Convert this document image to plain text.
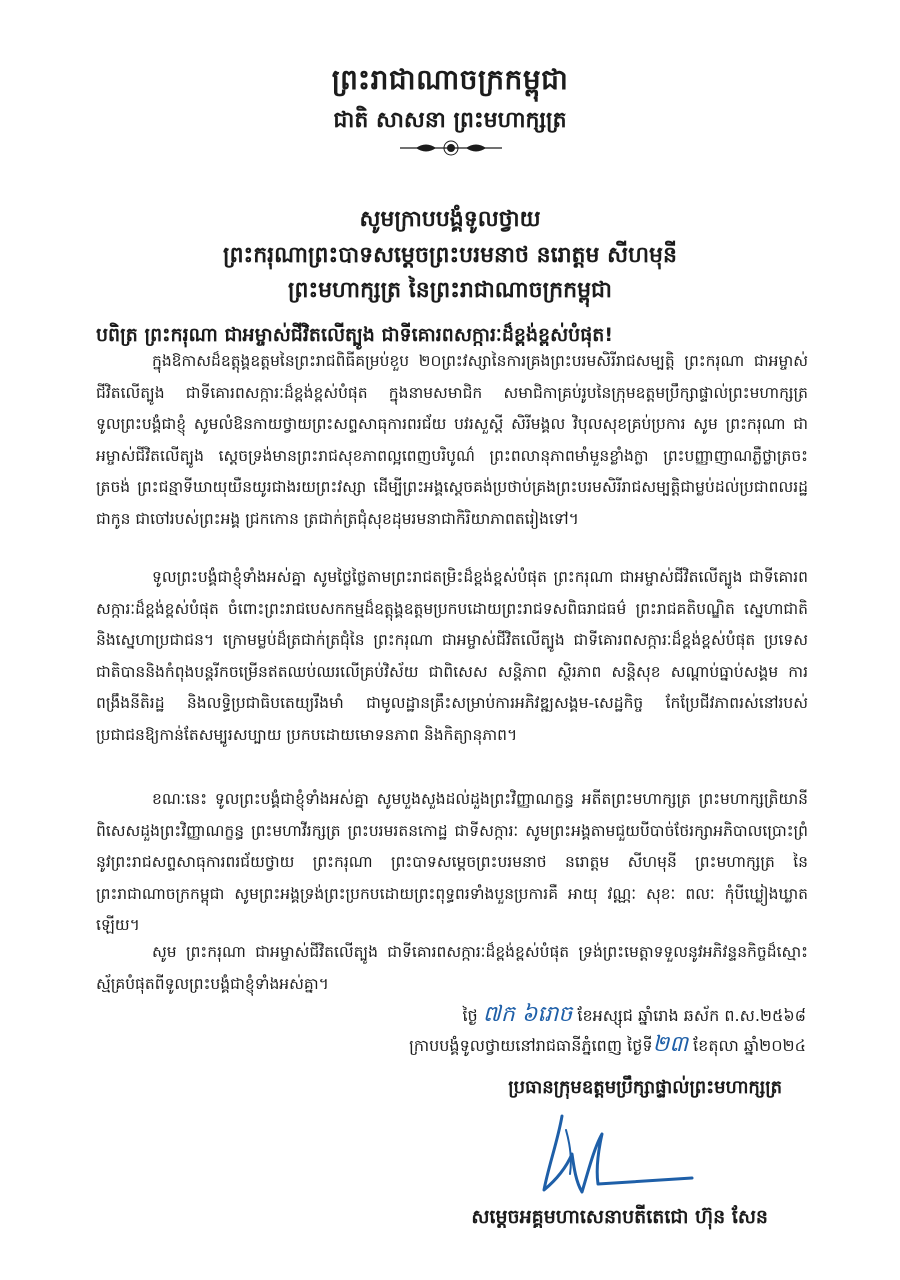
ព្រះរាជាណាចក្រកម្ពុជា
ជាតិ សាសនា ព្រះមហាក្សត្រ
សូមក្រាបបង្គំទូលថ្វាយ
ព្រះករុណាព្រះបាទសម្តេចព្រះបរមនាថ នរោត្តម សីហមុនី
ព្រះមហាក្សត្រ នៃព្រះរាជាណាចក្រកម្ពុជា
បពិត្រ ព្រះករុណា ជាអម្ចាស់ជីវិតលើត្បូង ជាទីគោរពសក្ការៈដ៏ខ្ពង់ខ្ពស់បំផុត!

ក្នុងឱកាសដ៏ឧត្តុង្គឧត្តមនៃព្រះរាជពិធីគម្រប់ខួប ២០ព្រះវស្សានៃការគ្រងព្រះបរមសិរីរាជសម្បត្តិ ព្រះករុណា ជាអម្ចាស់ជីវិតលើត្បូង ជាទីគោរពសក្ការៈដ៏ខ្ពង់ខ្ពស់បំផុត ក្នុងនាមសមាជិក សមាជិកាគ្រប់រូបនៃក្រុមឧត្តមប្រឹក្សាផ្ទាល់ព្រះមហាក្សត្រ ទូលព្រះបង្គំជាខ្ញុំ សូមលំឱនកាយថ្វាយព្រះសព្ទសាធុការពរជ័យ បវរសួស្តី សិរីមង្គល វិបុលសុខគ្រប់ប្រការ សូម ព្រះករុណា ជាអម្ចាស់ជីវិតលើត្បូង ស្តេចទ្រង់មានព្រះរាជសុខភាពល្អពេញបរិបូណ៌ ព្រះពលានុភាពមាំមួនខ្លាំងក្លា ព្រះបញ្ញាញាណភ្លឺថ្លាត្រចះត្រចង់ ព្រះជន្មាទីឃាយុយឺនយូរជាងរយព្រះវស្សា ដើម្បីព្រះអង្គស្តេចគង់ប្រថាប់គ្រងព្រះបរមសិរីរាជសម្បត្តិជាម្លប់ដល់ប្រជាពលរដ្ឋជាកូន ជាចៅរបស់ព្រះអង្គ ជ្រកកោន ត្រជាក់ត្រជុំសុខដុមរមនាជាកិរិយាភាពតរៀងទៅ។

ទូលព្រះបង្គំជាខ្ញុំទាំងអស់គ្នា សូមថ្លៃថ្លៃតាមព្រះរាជតម្រិះដ៏ខ្ពង់ខ្ពស់បំផុត ព្រះករុណា ជាអម្ចាស់ជីវិតលើត្បូង ជាទីគោរពសក្ការៈដ៏ខ្ពង់ខ្ពស់បំផុត ចំពោះព្រះរាជបេសកកម្មដ៏ឧត្តុង្គឧត្តមប្រកបដោយព្រះរាជទសពិធរាជធម៌ ព្រះរាជគតិបណ្ឌិត ស្នេហាជាតិ និងស្នេហាប្រជាជន។ ក្រោមម្លប់ដ៏ត្រជាក់ត្រជុំនៃ ព្រះករុណា ជាអម្ចាស់ជីវិតលើត្បូង ជាទីគោរពសក្ការៈដ៏ខ្ពង់ខ្ពស់បំផុត ប្រទេសជាតិបាននិងកំពុងបន្តរីកចម្រើនឥតឈប់ឈរលើគ្រប់វិស័យ ជាពិសេស សន្តិភាព ស្ថិរភាព សន្តិសុខ សណ្តាប់ធ្នាប់សង្គម ការពង្រឹងនីតិរដ្ឋ និងលទ្ធិប្រជាធិបតេយ្យរឹងមាំ ជាមូលដ្ឋានគ្រឹះសម្រាប់ការអភិវឌ្ឍសង្គម-សេដ្ឋកិច្ច កែប្រែជីវភាពរស់នៅរបស់ប្រជាជនឱ្យកាន់តែសម្បូរសប្បាយ ប្រកបដោយមោទនភាព និងកិត្យានុភាព។

ខណៈនេះ ទូលព្រះបង្គំជាខ្ញុំទាំងអស់គ្នា សូមបួងសួងដល់ដួងព្រះវិញ្ញាណក្ខន្ធ អតីតព្រះមហាក្សត្រ ព្រះមហាក្សត្រិយានី ពិសេសដួងព្រះវិញ្ញាណក្ខន្ធ ព្រះមហាវីរក្សត្រ ព្រះបរមរតនកោដ្ឋ ជាទីសក្ការៈ សូមព្រះអង្គតាមជួយបីបាច់ថែរក្សាអភិបាលប្រោះព្រំនូវព្រះរាជសព្ទសាធុការពរជ័យថ្វាយ ព្រះករុណា ព្រះបាទសម្តេចព្រះបរមនាថ នរោត្តម សីហមុនី ព្រះមហាក្សត្រ នៃព្រះរាជាណាចក្រកម្ពុជា សូមព្រះអង្គទ្រង់ព្រះប្រកបដោយព្រះពុទ្ធពរទាំងបួនប្រការគឺ អាយុ វណ្ណៈ សុខៈ ពលៈ កុំបីឃ្លៀងឃ្លាតឡើយ។

សូម ព្រះករុណា ជាអម្ចាស់ជីវិតលើត្បូង ជាទីគោរពសក្ការៈដ៏ខ្ពង់ខ្ពស់បំផុត ទ្រង់ព្រះមេត្តាទទួលនូវអភិវន្ទនកិច្ចដ៏ស្មោះស្ម័គ្របំផុតពីទូលព្រះបង្គំជាខ្ញុំទាំងអស់គ្នា។

ថ្ងៃ ៧ក ៦រោច ខែអស្សុជ ឆ្នាំរោង ឆស័ក ព.ស.២៥៦៨
ក្រាបបង្គំទូលថ្វាយនៅរាជធានីភ្នំពេញ ថ្ងៃទី២៣ ខែតុលា ឆ្នាំ២០២៤
ប្រធានក្រុមឧត្តមប្រឹក្សាផ្ទាល់ព្រះមហាក្សត្រ
សម្តេចអគ្គមហាសេនាបតីតេជោ ហ៊ុន សែន
